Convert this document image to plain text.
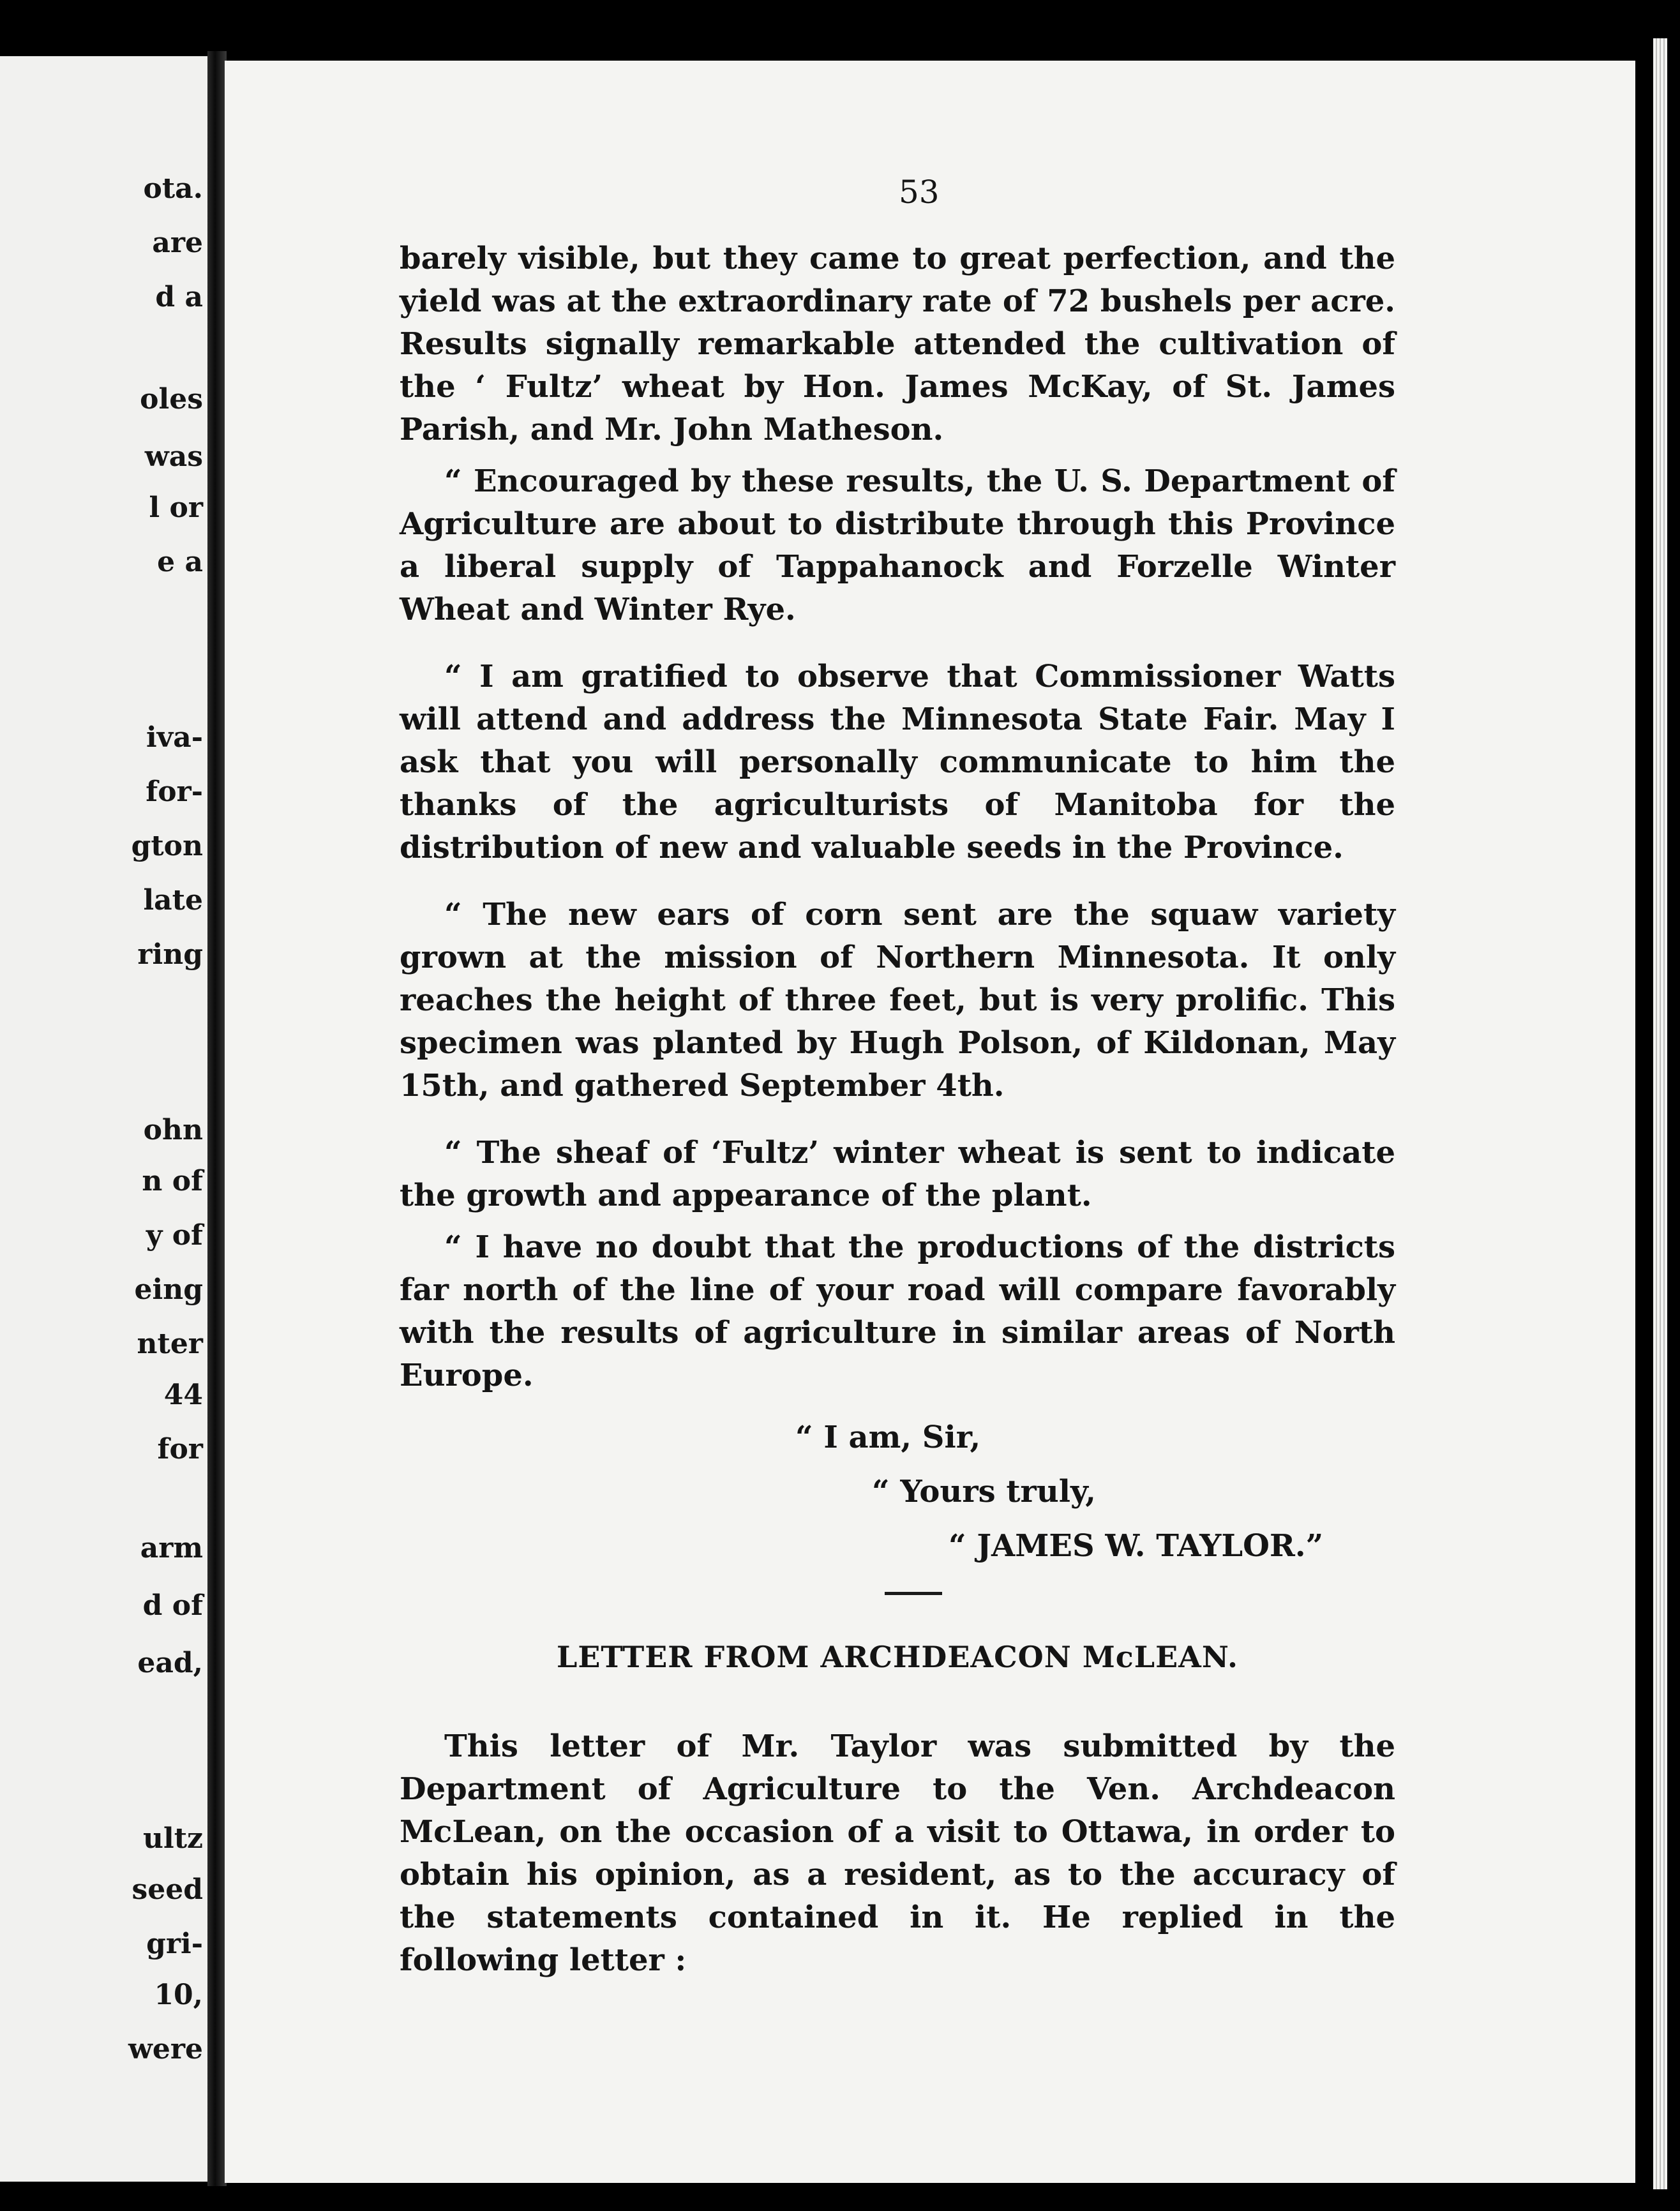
ota.
are
d a
oles
was
l or
e a
iva-
for-
gton
late
ring
ohn
n of
y of
eing
nter
44
for
arm
d of
ead,
ultz
seed
gri-
10,
were
53

barely visible, but they came to great perfection, and the yield was at the extraordinary rate of 72 bushels per acre. Results signally remarkable attended the cultivation of the ‘ Fultz’ wheat by Hon. James McKay, of St. James Parish, and Mr. John Matheson.

“ Encouraged by these results, the U. S. Department of Agriculture are about to distribute through this Province a liberal supply of Tappahanock and Forzelle Winter Wheat and Winter Rye.

“ I am gratified to observe that Commissioner Watts will attend and address the Minnesota State Fair. May I ask that you will personally communicate to him the thanks of the agriculturists of Manitoba for the distribution of new and valuable seeds in the Province.

“ The new ears of corn sent are the squaw variety grown at the mission of Northern Minnesota. It only reaches the height of three feet, but is very prolific. This specimen was planted by Hugh Polson, of Kildonan, May 15th, and gathered September 4th.

“ The sheaf of ‘Fultz’ winter wheat is sent to indicate the growth and appearance of the plant.

“ I have no doubt that the productions of the districts far north of the line of your road will compare favorably with the results of agriculture in similar areas of North Europe.

“ I am, Sir,

“ Yours truly,

“ JAMES W. TAYLOR.”

LETTER FROM ARCHDEACON McLEAN.

This letter of Mr. Taylor was submitted by the Department of Agriculture to the Ven. Archdeacon McLean, on the occasion of a visit to Ottawa, in order to obtain his opinion, as a resident, as to the accuracy of the statements contained in it. He replied in the following letter :
